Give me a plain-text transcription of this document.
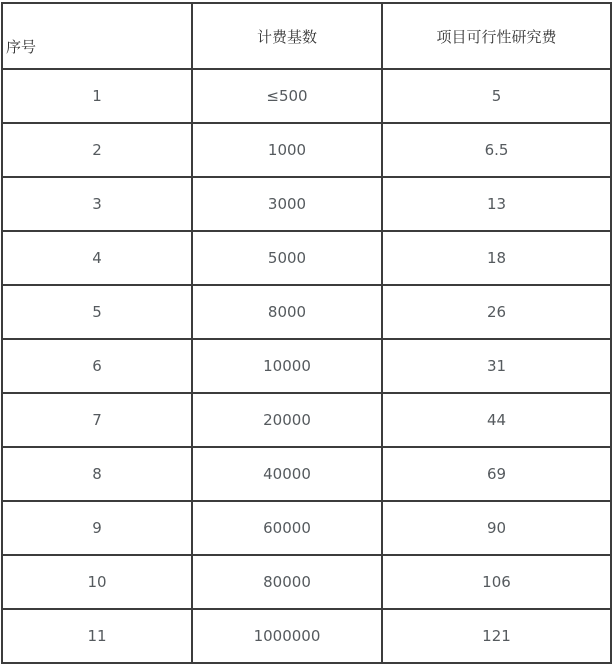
序号	计费基数	项目可行性研究费
1	≤500	5
2	1000	6.5
3	3000	13
4	5000	18
5	8000	26
6	10000	31
7	20000	44
8	40000	69
9	60000	90
10	80000	106
11	1000000	121
